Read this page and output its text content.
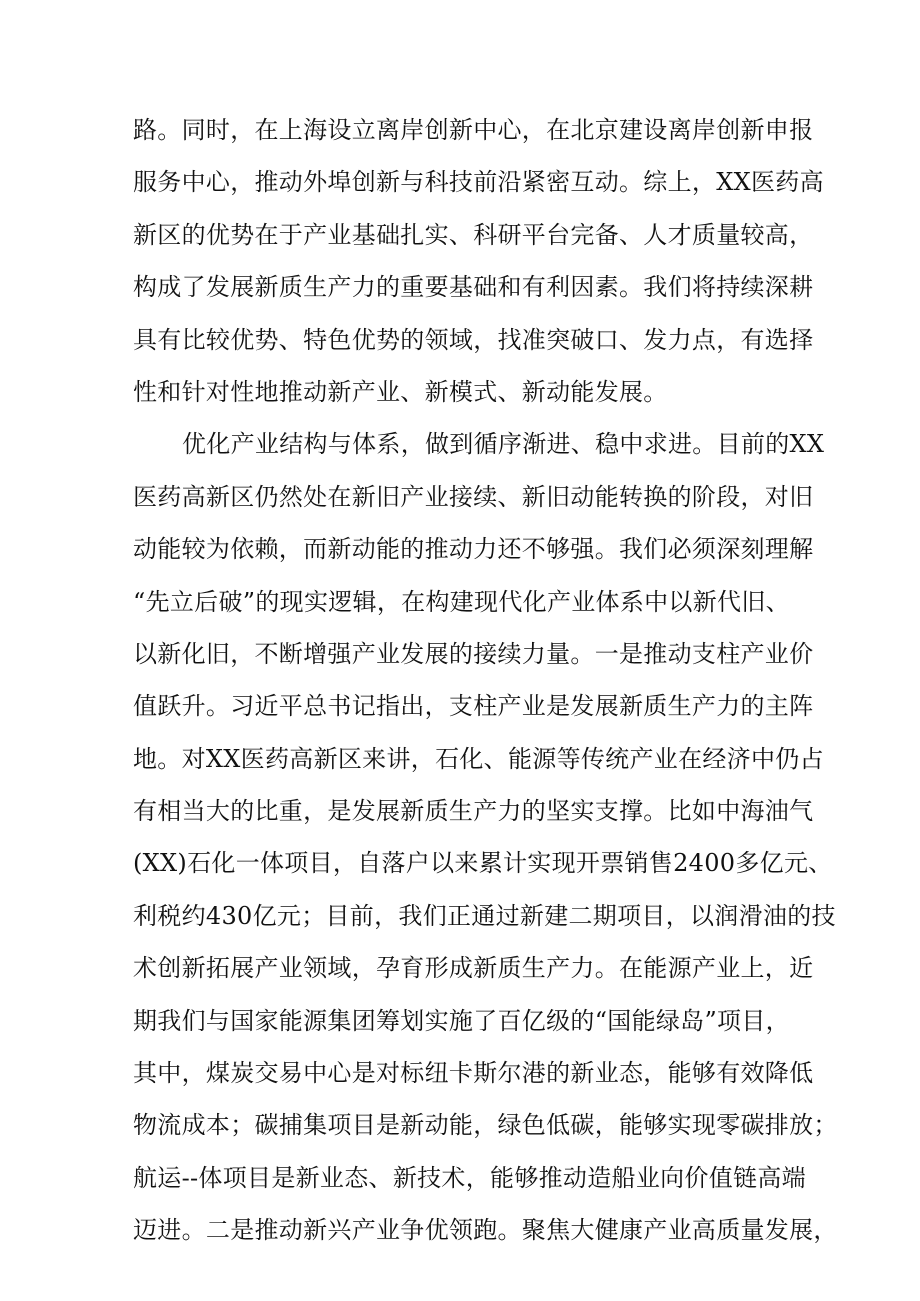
路。同时，在上海设立离岸创新中心，在北京建设离岸创新申报
服务中心，推动外埠创新与科技前沿紧密互动。综上，XX医药高
新区的优势在于产业基础扎实、科研平台完备、人才质量较高，
构成了发展新质生产力的重要基础和有利因素。我们将持续深耕
具有比较优势、特色优势的领域，找准突破口、发力点，有选择
性和针对性地推动新产业、新模式、新动能发展。
优化产业结构与体系，做到循序渐进、稳中求进。目前的XX
医药高新区仍然处在新旧产业接续、新旧动能转换的阶段，对旧
动能较为依赖，而新动能的推动力还不够强。我们必须深刻理解
“先立后破”的现实逻辑，在构建现代化产业体系中以新代旧、
以新化旧，不断增强产业发展的接续力量。一是推动支柱产业价
值跃升。习近平总书记指出，支柱产业是发展新质生产力的主阵
地。对XX医药高新区来讲，石化、能源等传统产业在经济中仍占
有相当大的比重，是发展新质生产力的坚实支撑。比如中海油气
(XX)石化一体项目，自落户以来累计实现开票销售2400多亿元、
利税约430亿元；目前，我们正通过新建二期项目，以润滑油的技
术创新拓展产业领域，孕育形成新质生产力。在能源产业上，近
期我们与国家能源集团筹划实施了百亿级的“国能绿岛”项目，
其中，煤炭交易中心是对标纽卡斯尔港的新业态，能够有效降低
物流成本；碳捕集项目是新动能，绿色低碳，能够实现零碳排放；
航运--体项目是新业态、新技术，能够推动造船业向价值链高端
迈进。二是推动新兴产业争优领跑。聚焦大健康产业高质量发展，
